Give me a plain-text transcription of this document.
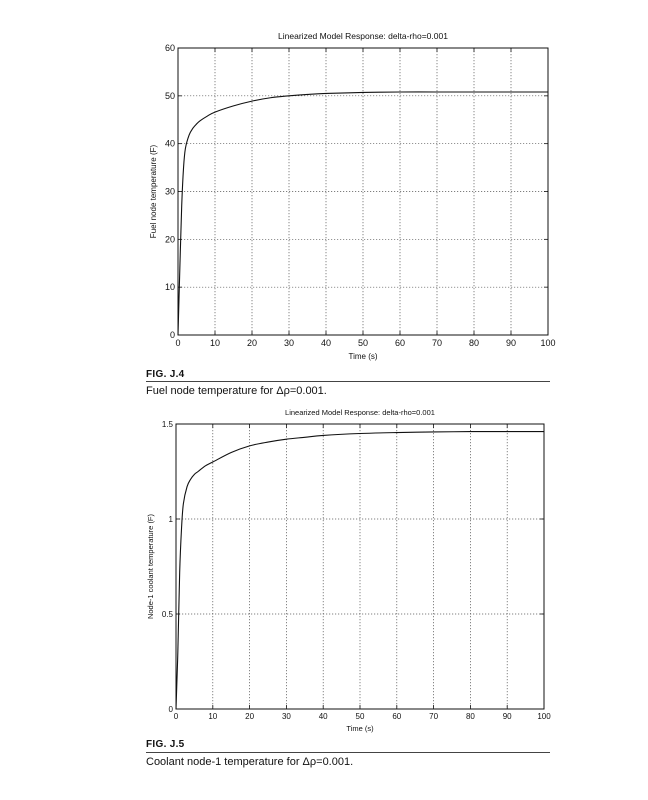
0	10	20	30	40	50	60	70	80	90	100
0
10
20
30
40
50
60
Linearized Model Response: delta-rho=0.001
Time (s)
Fuel node temperature (F)
0	10	20	30	40	50	60	70	80	90	100
0
0.5
1
1.5
Linearized Model Response: delta-rho=0.001
Time (s)
Node-1 coolant temperature (F)
FIG. J.4
Fuel node temperature for Δρ=0.001.
FIG. J.5
Coolant node-1 temperature for Δρ=0.001.
